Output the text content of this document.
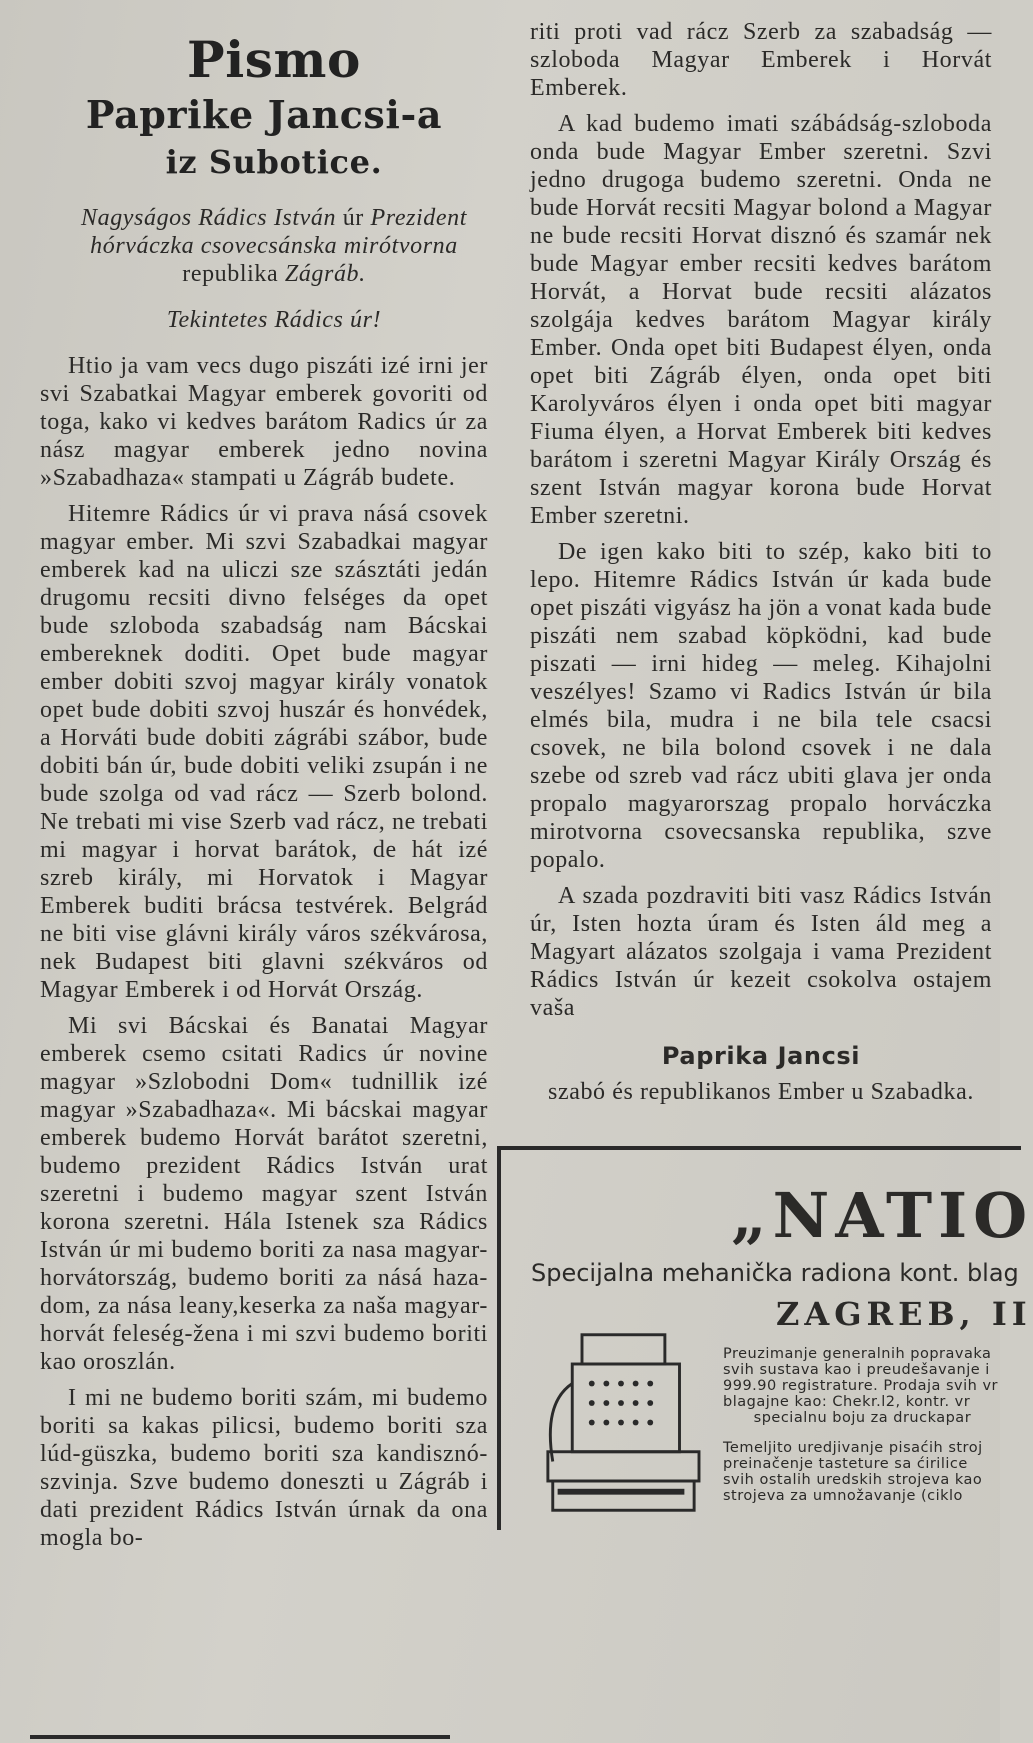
Pismo
Paprike Jancsi-a
iz Subotice.
Nagyságos Rádics István úr Prezident hórváczka csovecsánska mirótvorna republika Zágráb.
Tekintetes Rádics úr!

Htio ja vam vecs dugo piszáti izé irni jer svi Szabatkai Magyar emberek govoriti od toga, kako vi kedves barátom Radics úr za nász magyar emberek jedno novina »Szabadhaza« stampati u Zágráb budete.

Hitemre Rádics úr vi prava násá csovek magyar ember. Mi szvi Szabadkai magyar emberek kad na uliczi sze szásztáti jedán drugomu recsiti divno felséges da opet bude szloboda szabadság nam Bácskai embereknek doditi. Opet bude magyar ember dobiti szvoj magyar király vonatok opet bude dobiti szvoj huszár és honvédek, a Horváti bude dobiti zágrábi szábor, bude dobiti bán úr, bude dobiti veliki zsupán i ne bude szolga od vad rácz — Szerb bolond. Ne trebati mi vise Szerb vad rácz, ne trebati mi magyar i horvat barátok, de hát izé szreb király, mi Horvatok i Magyar Emberek buditi brácsa testvérek. Belgrád ne biti vise glávni király város székvárosa, nek Budapest biti glavni székváros od Magyar Emberek i od Horvát Ország.

Mi svi Bácskai és Banatai Magyar emberek csemo csitati Radics úr novine magyar »Szlobodni Dom« tudnillik izé magyar »Szabadhaza«. Mi bácskai magyar emberek budemo Horvát barátot szeretni, budemo prezident Rádics István urat szeretni i budemo magyar szent István korona szeretni. Hála Istenek sza Rádics István úr mi budemo boriti za nasa magyar-horvátország, budemo boriti za násá haza-dom, za nása leany,keserka za naša magyar-horvát feleség-žena i mi szvi budemo boriti kao oroszlán.

I mi ne budemo boriti szám, mi budemo boriti sa kakas pilicsi, budemo boriti sza lúd-güszka, budemo boriti sza kandisznó-szvinja. Szve budemo doneszti u Zágráb i dati prezident Rádics István úrnak da ona mogla bo-

riti proti vad rácz Szerb za szabadság — szloboda Magyar Emberek i Horvát Emberek.

A kad budemo imati szábádság-szloboda onda bude Magyar Ember szeretni. Szvi jedno drugoga budemo szeretni. Onda ne bude Horvát recsiti Magyar bolond a Magyar ne bude recsiti Horvat disznó és szamár nek bude Magyar ember recsiti kedves barátom Horvát, a Horvat bude recsiti alázatos szolgája kedves barátom Magyar király Ember. Onda opet biti Budapest élyen, onda opet biti Zágráb élyen, onda opet biti Karolyváros élyen i onda opet biti magyar Fiuma élyen, a Horvat Emberek biti kedves barátom i szeretni Magyar Király Ország és szent István magyar korona bude Horvat Ember szeretni.

De igen kako biti to szép, kako biti to lepo. Hitemre Rádics István úr kada bude opet piszáti vigyász ha jön a vonat kada bude piszáti nem szabad köpködni, kad bude piszati — irni hideg — meleg. Kihajolni veszélyes! Szamo vi Radics István úr bila elmés bila, mudra i ne bila tele csacsi csovek, ne bila bolond csovek i ne dala szebe od szreb vad rácz ubiti glava jer onda propalo magyarorszag propalo horváczka mirotvorna csovecsanska republika, szve popalo.

A szada pozdraviti biti vasz Rádics István úr, Isten hozta úram és Isten áld meg a Magyart alázatos szolgaja i vama Prezident Rádics István úr kezeit csokolva ostajem vaša

Paprika Jancsi
szabó és republikanos Ember u Szabadka.
„NATIO
Specijalna mehanička radiona kont. blag
ZAGREB, II
Preuzimanje generalnih popravaka
svih sustava kao i preudešavanje i
999.90 registrature. Prodaja svih vr
blagajne kao: Chekr.l2, kontr. vr
specialnu boju za druckapar
Temeljito uredjivanje pisaćih stroj
preinačenje tasteture sa ćirilice
svih ostalih uredskih strojeva kao
strojeva za umnožavanje (ciklo
